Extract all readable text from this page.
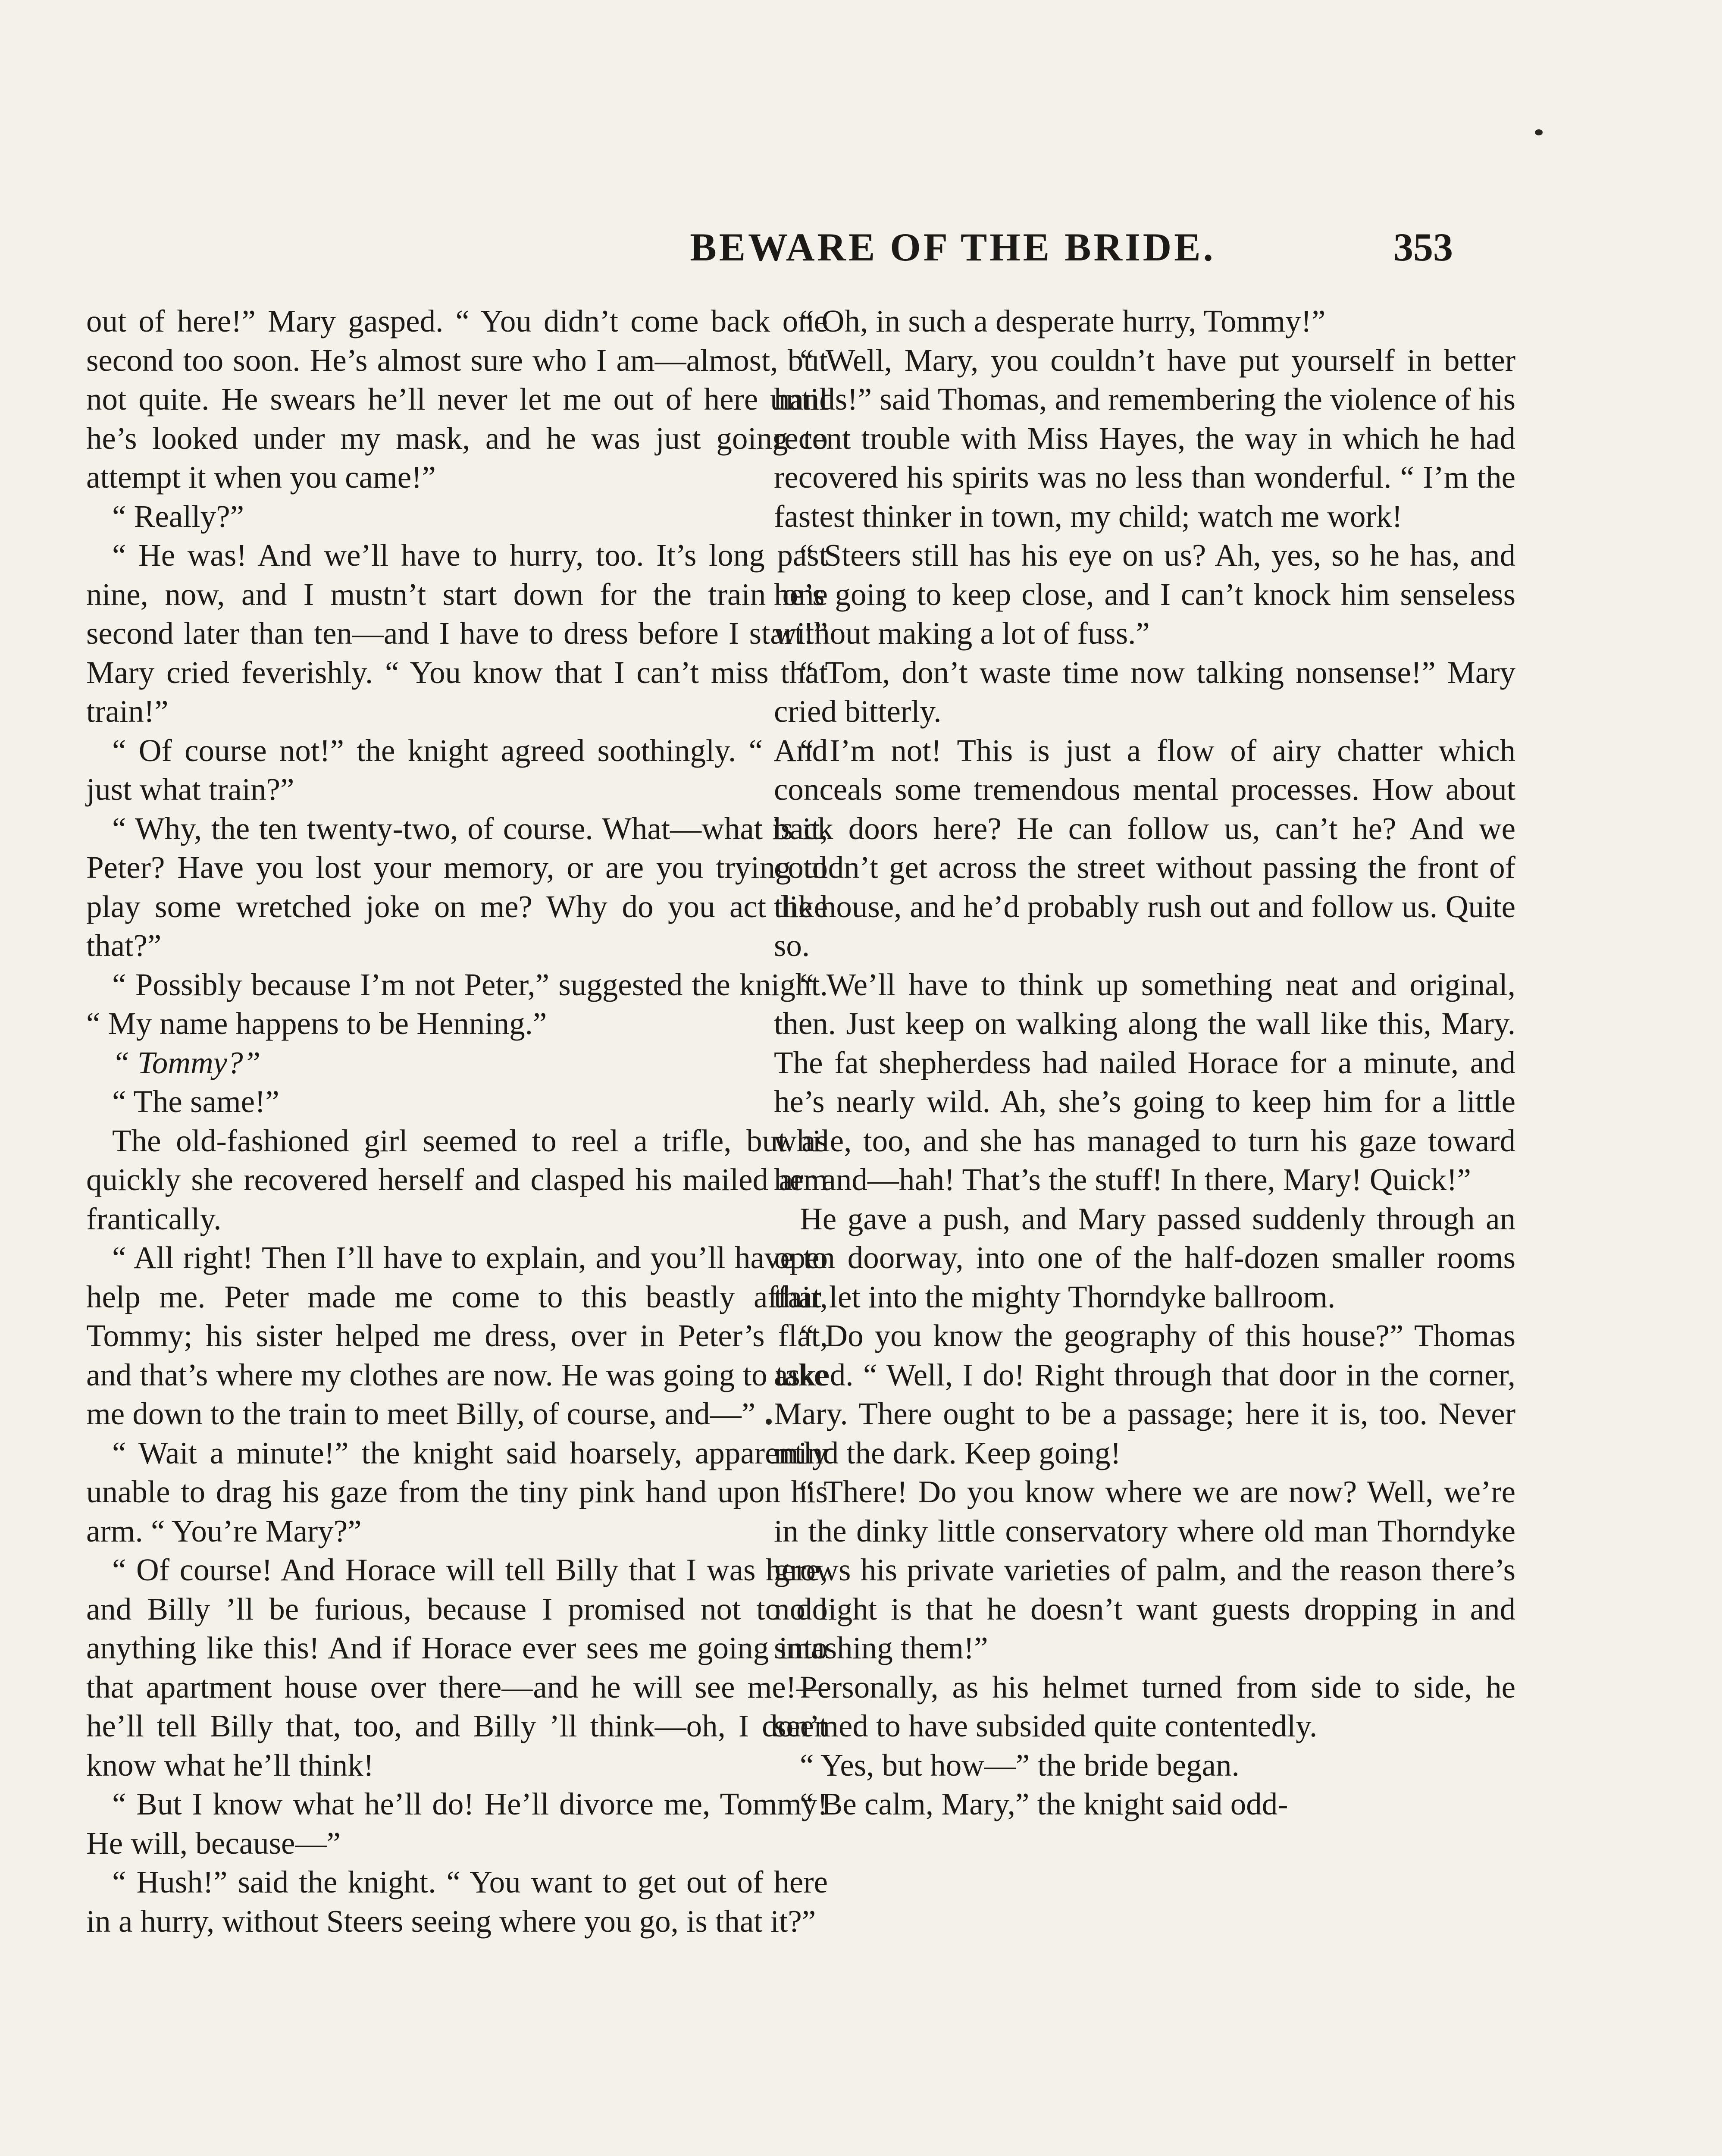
BEWARE OF THE BRIDE.	353

out of here!” Mary gasped. “ You didn’t come back one second too soon. He’s almost sure who I am—almost, but not quite. He swears he’ll never let me out of here until he’s looked under my mask, and he was just going to attempt it when you came!”

“ Really?”

“ He was! And we’ll have to hurry, too. It’s long past nine, now, and I mustn’t start down for the train one second later than ten—and I have to dress before I start!” Mary cried feverishly. “ You know that I can’t miss that train!”

“ Of course not!” the knight agreed soothingly. “ And just what train?”

“ Why, the ten twenty-two, of course. What—what is it, Peter? Have you lost your memory, or are you trying to play some wretched joke on me? Why do you act like that?”

“ Possibly because I’m not Peter,” suggested the knight. “ My name happens to be Henning.”

“ Tommy?”

“ The same!”

The old-fashioned girl seemed to reel a trifle, but as quickly she recovered herself and clasped his mailed arm frantically.

“ All right! Then I’ll have to explain, and you’ll have to help me. Peter made me come to this beastly affair, Tommy; his sister helped me dress, over in Peter’s flat, and that’s where my clothes are now. He was going to take me down to the train to meet Billy, of course, and—”

“ Wait a minute!” the knight said hoarsely, apparently unable to drag his gaze from the tiny pink hand upon his arm. “ You’re Mary?”

“ Of course! And Horace will tell Billy that I was here, and Billy ’ll be furious, because I promised not to do anything like this! And if Horace ever sees me going into that apartment house over there—and he will see me!—he’ll tell Billy that, too, and Billy ’ll think—oh, I don’t know what he’ll think!

“ But I know what he’ll do! He’ll divorce me, Tommy! He will, because—”

“ Hush!” said the knight. “ You want to get out of here in a hurry, without Steers seeing where you go, is that it?”

“ Oh, in such a desperate hurry, Tommy!”

“ Well, Mary, you couldn’t have put yourself in better hands!” said Thomas, and remembering the violence of his recent trouble with Miss Hayes, the way in which he had recovered his spirits was no less than wonderful. “ I’m the fastest thinker in town, my child; watch me work!

“ Steers still has his eye on us? Ah, yes, so he has, and he’s going to keep close, and I can’t knock him senseless without making a lot of fuss.”

“ Tom, don’t waste time now talking nonsense!” Mary cried bitterly.

“ I’m not! This is just a flow of airy chatter which conceals some tremendous mental processes. How about back doors here? He can follow us, can’t he? And we couldn’t get across the street without passing the front of the house, and he’d probably rush out and follow us. Quite so.

“ We’ll have to think up something neat and original, then. Just keep on walking along the wall like this, Mary. The fat shepherdess had nailed Horace for a minute, and he’s nearly wild. Ah, she’s going to keep him for a little while, too, and she has managed to turn his gaze toward her and—hah! That’s the stuff! In there, Mary! Quick!”

He gave a push, and Mary passed suddenly through an open doorway, into one of the half-dozen smaller rooms that let into the mighty Thorndyke ballroom.

“ Do you know the geography of this house?” Thomas asked. “ Well, I do! Right through that door in the corner, Mary. There ought to be a passage; here it is, too. Never mind the dark. Keep going!

“ There! Do you know where we are now? Well, we’re in the dinky little conservatory where old man Thorndyke grows his private varieties of palm, and the reason there’s no light is that he doesn’t want guests dropping in and smashing them!”

Personally, as his helmet turned from side to side, he seemed to have subsided quite contentedly.

“ Yes, but how—” the bride began.

“ Be calm, Mary,” the knight said odd-
